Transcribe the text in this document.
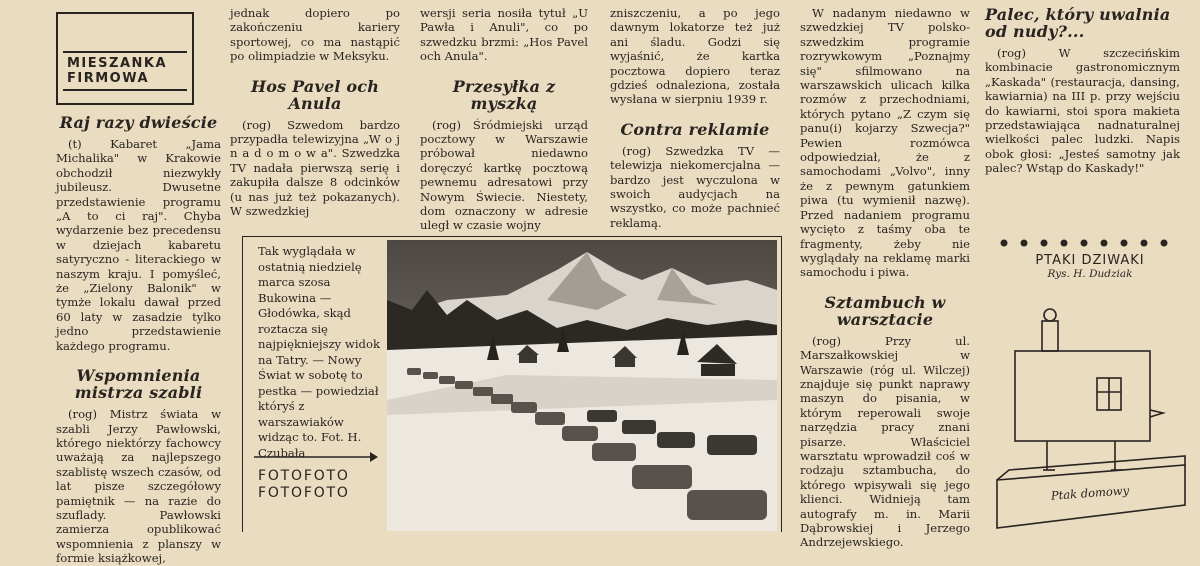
MIESZANKA
FIRMOWA
Raj razy dwieście

(t) Kabaret „Jama Michalika" w Krakowie obchodził niezwykły jubileusz. Dwusetne przedstawienie programu „A to ci raj". Chyba wydarzenie bez precedensu w dziejach kabaretu satyryczno - literackiego w naszym kraju. I pomyśleć, że „Zielony Balonik" w tymże lokalu dawał przed 60 laty w zasadzie tylko jedno przedstawienie każdego programu.

Wspomnienia mistrza szabli

(rog) Mistrz świata w szabli Jerzy Pawłowski, którego niektórzy fachowcy uważają za najlepszego szablistę wszech czasów, od lat pisze szczegółowy pamiętnik — na razie do szuflady. Pawłowski zamierza opublikować wspomnienia z planszy w formie książkowej,

jednak dopiero po zakończeniu kariery sportowej, co ma nastąpić po olimpiadzie w Meksyku.

Hos Pavel och Anula

(rog) Szwedom bardzo przypadła telewizyjna „W o j n a d o m o w a". Szwedzka TV nadała pierwszą serię i zakupiła dalsze 8 odcinków (u nas już też pokazanych). W szwedzkiej

wersji seria nosiła tytuł „U Pawła i Anuli", co po szwedzku brzmi: „Hos Pavel och Anula".

Przesyłka z myszką

(rog) Śródmiejski urząd pocztowy w Warszawie próbował niedawno doręczyć kartkę pocztową pewnemu adresatowi przy Nowym Świecie. Niestety, dom oznaczony w adresie uległ w czasie wojny

zniszczeniu, a po jego dawnym lokatorze też już ani śladu. Godzi się wyjaśnić, że kartka pocztowa dopiero teraz gdzieś odnaleziona, została wysłana w sierpniu 1939 r.

Contra reklamie

(rog) Szwedzka TV — telewizja niekomercjalna — bardzo jest wyczulona w swoich audycjach na wszystko, co może pachnieć reklamą.

W nadanym niedawno w szwedzkiej TV polsko-szwedzkim programie rozrywkowym „Poznajmy się" sfilmowano na warszawskich ulicach kilka rozmów z przechodniami, których pytano „Z czym się panu(i) kojarzy Szwecja?" Pewien rozmówca odpowiedział, że z samochodami „Volvo", inny że z pewnym gatunkiem piwa (tu wymienił nazwę). Przed nadaniem programu wycięto z taśmy oba te fragmenty, żeby nie wyglądały na reklamę marki samochodu i piwa.

Sztambuch w warsztacie

(rog) Przy ul. Marszałkowskiej w Warszawie (róg ul. Wilczej) znajduje się punkt naprawy maszyn do pisania, w którym reperowali swoje narzędzia pracy znani pisarze. Właściciel warsztatu wprowadził coś w rodzaju sztambucha, do którego wpisywali się jego klienci. Widnieją tam autografy m. in. Marii Dąbrowskiej i Jerzego Andrzejewskiego.

Palec, który uwalnia od nudy?...

(rog) W szczecińskim kombinacie gastronomicznym „Kaskada" (restauracja, dansing, kawiarnia) na III p. przy wejściu do kawiarni, stoi spora makieta przedstawiająca nadnaturalnej wielkości palec ludzki. Napis obok głosi: „Jesteś samotny jak palec? Wstąp do Kaskady!"

Tak wyglądała w ostatnią niedzielę marca szosa Bukowina — Głodówka, skąd roztacza się najpiękniejszy widok na Tatry. — Nowy Świat w sobotę to pestka — powiedział któryś z warszawiaków widząc to. Fot. H. Czubała
FOTOFOTO
FOTOFOTO
PTAKI DZIWAKI
Rys. H. Dudziak
Ptak domowy
